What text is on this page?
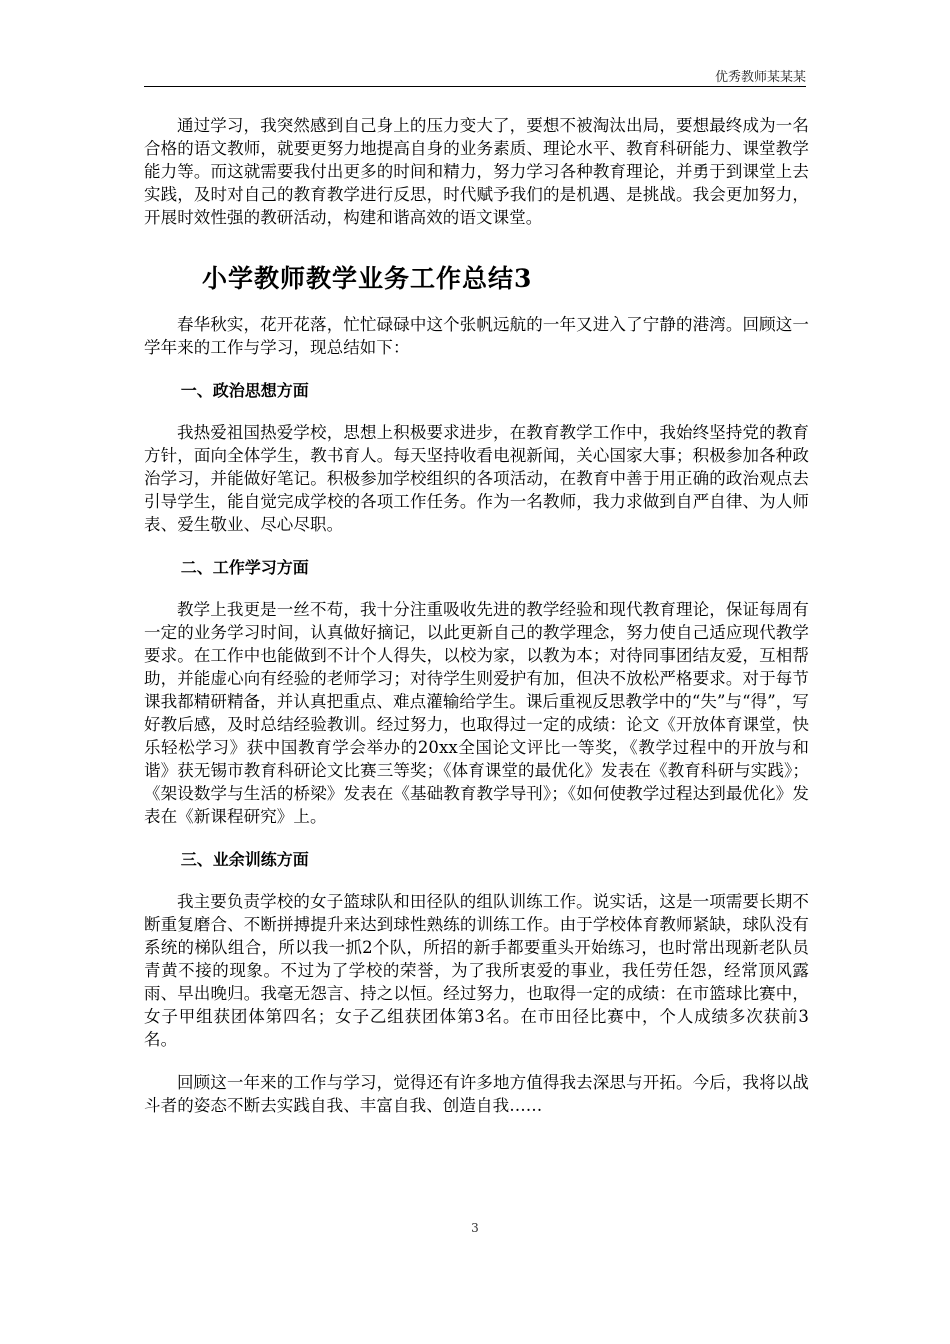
优秀教师某某某

通过学习，我突然感到自己身上的压力变大了，要想不被淘汰出局，要想最终成为一名合格的语文教师，就要更努力地提高自身的业务素质、理论水平、教育科研能力、课堂教学能力等。而这就需要我付出更多的时间和精力，努力学习各种教育理论，并勇于到课堂上去实践，及时对自己的教育教学进行反思，时代赋予我们的是机遇、是挑战。我会更加努力，开展时效性强的教研活动，构建和谐高效的语文课堂。

小学教师教学业务工作总结3

春华秋实，花开花落，忙忙碌碌中这个张帆远航的一年又进入了宁静的港湾。回顾这一学年来的工作与学习，现总结如下：

一、政治思想方面

我热爱祖国热爱学校，思想上积极要求进步，在教育教学工作中，我始终坚持党的教育方针，面向全体学生，教书育人。每天坚持收看电视新闻，关心国家大事；积极参加各种政治学习，并能做好笔记。积极参加学校组织的各项活动，在教育中善于用正确的政治观点去引导学生，能自觉完成学校的各项工作任务。作为一名教师，我力求做到自严自律、为人师表、爱生敬业、尽心尽职。

二、工作学习方面

教学上我更是一丝不苟，我十分注重吸收先进的教学经验和现代教育理论，保证每周有一定的业务学习时间，认真做好摘记，以此更新自己的教学理念，努力使自己适应现代教学要求。在工作中也能做到不计个人得失，以校为家，以教为本；对待同事团结友爱，互相帮助，并能虚心向有经验的老师学习；对待学生则爱护有加，但决不放松严格要求。对于每节课我都精研精备，并认真把重点、难点灌输给学生。课后重视反思教学中的“失”与“得”，写好教后感，及时总结经验教训。经过努力，也取得过一定的成绩：论文《开放体育课堂，快乐轻松学习》获中国教育学会举办的20xx全国论文评比一等奖，《教学过程中的开放与和谐》获无锡市教育科研论文比赛三等奖；《体育课堂的最优化》发表在《教育科研与实践》；《架设数学与生活的桥梁》发表在《基础教育教学导刊》；《如何使教学过程达到最优化》发表在《新课程研究》上。

三、业余训练方面

我主要负责学校的女子篮球队和田径队的组队训练工作。说实话，这是一项需要长期不断重复磨合、不断拼搏提升来达到球性熟练的训练工作。由于学校体育教师紧缺，球队没有系统的梯队组合，所以我一抓2个队，所招的新手都要重头开始练习，也时常出现新老队员青黄不接的现象。不过为了学校的荣誉，为了我所衷爱的事业，我任劳任怨，经常顶风露雨、早出晚归。我毫无怨言、持之以恒。经过努力，也取得一定的成绩：在市篮球比赛中，女子甲组获团体第四名；女子乙组获团体第3名。在市田径比赛中，个人成绩多次获前3名。

回顾这一年来的工作与学习，觉得还有许多地方值得我去深思与开拓。今后，我将以战斗者的姿态不断去实践自我、丰富自我、创造自我……

3
